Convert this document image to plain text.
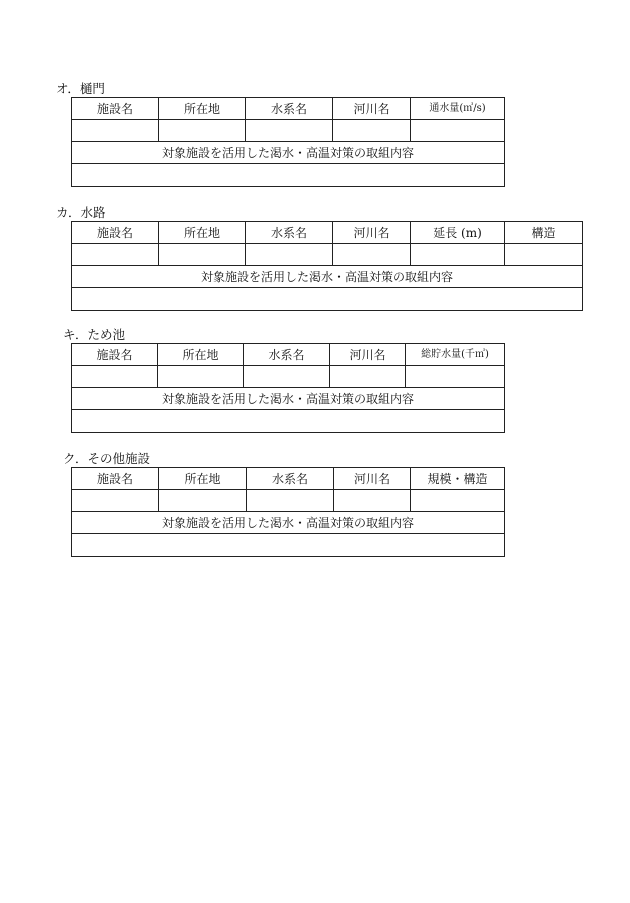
オ．樋門
施設名	所在地	水系名	河川名	通水量(㎥/s)

対象施設を活用した渇水・高温対策の取組内容				

カ．水路
施設名	所在地	水系名	河川名	延長 (m)	構造

対象施設を活用した渇水・高温対策の取組内容					

キ．ため池
施設名	所在地	水系名	河川名	総貯水量(千㎥)

対象施設を活用した渇水・高温対策の取組内容				

ク．その他施設
施設名	所在地	水系名	河川名	規模・構造

対象施設を活用した渇水・高温対策の取組内容				
